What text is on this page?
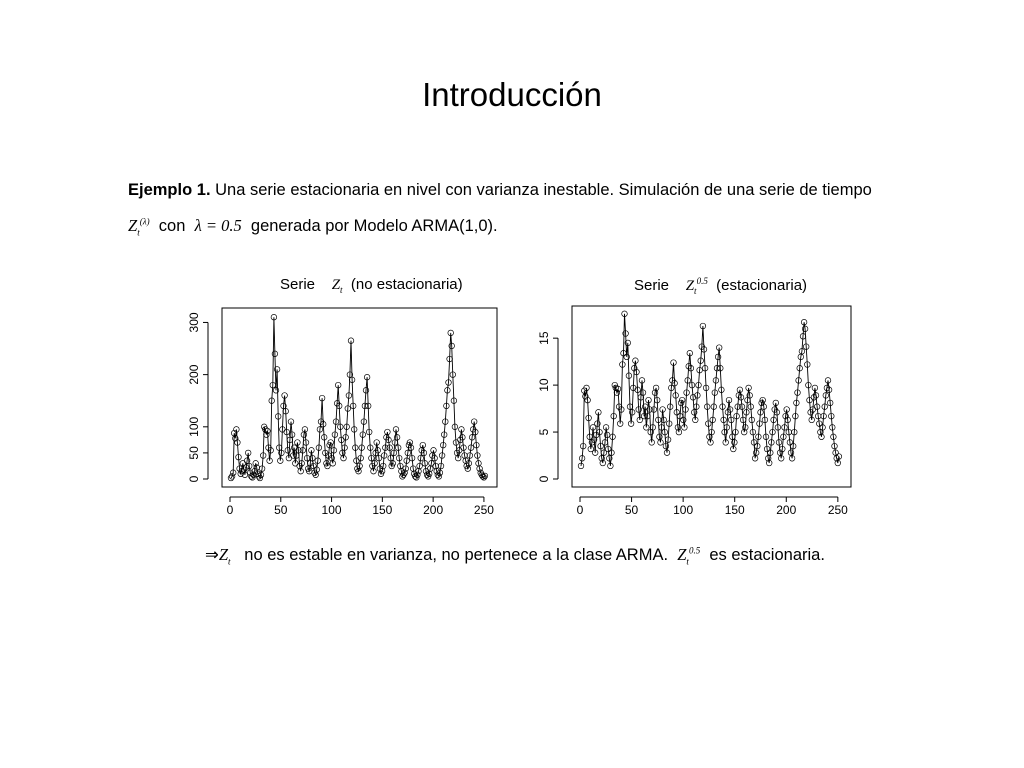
Introducción
Ejemplo 1. Una serie estacionaria en nivel con varianza inestable. Simulación de una serie de tiempo
$Z_t^{(\lambda)}$ con λ = 0.5 generada por Modelo ARMA(1,0).
Serie $Z_t$ (no estacionaria)	Serie $Z_t^{0.5}$ (estacionaria)
0	50	100	150	200	250
0
50
100
200
300
0	50	100	150	200	250
0
5
10
15
$\Rightarrow Z_t$ no es estable en varianza, no pertenece a la clase ARMA. $Z_t^{0.5}$ es estacionaria.
